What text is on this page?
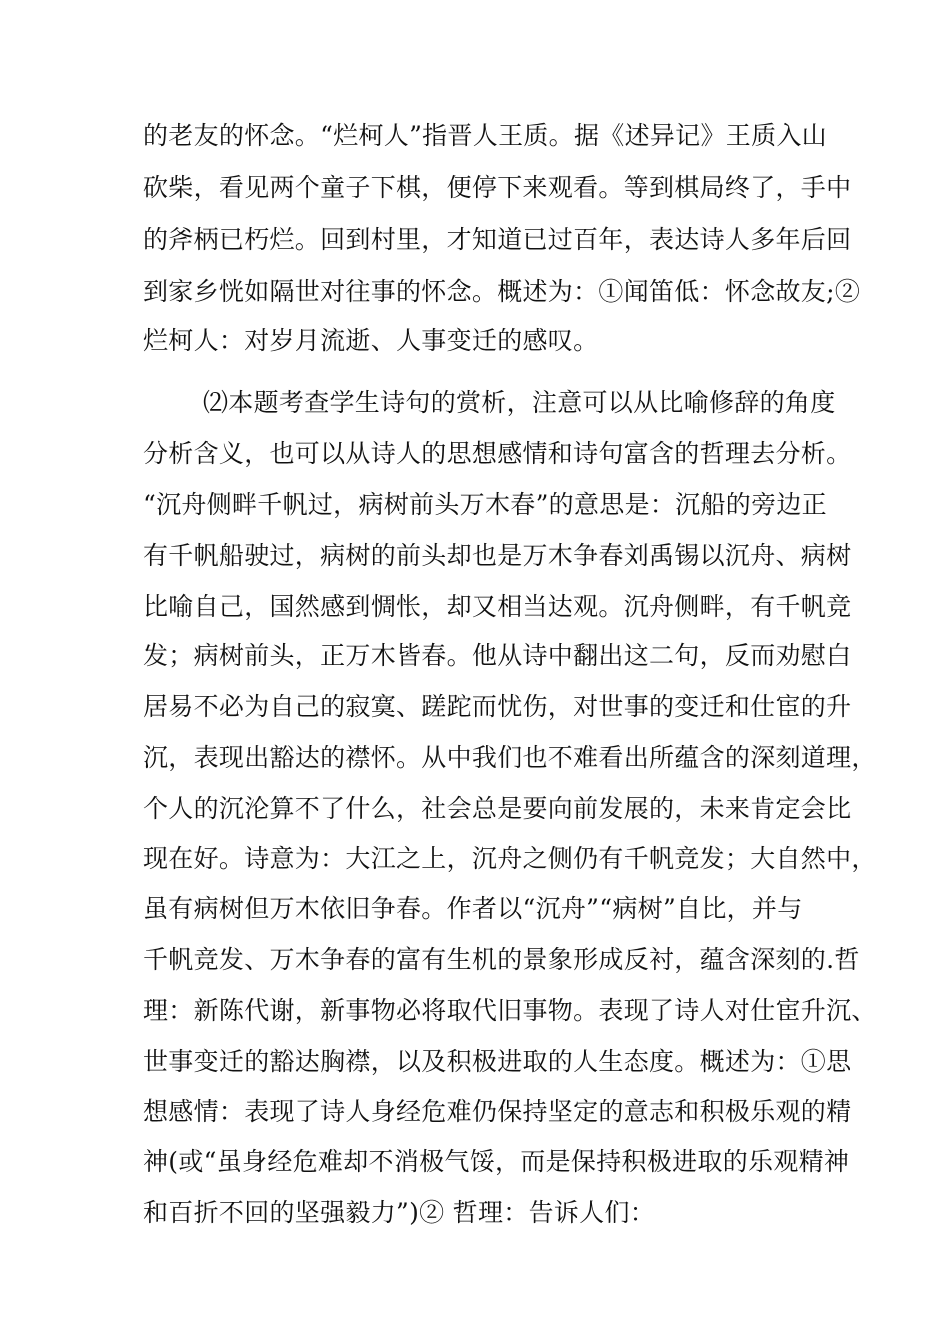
的老友的怀念。“烂柯人”指晋人王质。据《述异记》王质入山
砍柴，看见两个童子下棋，便停下来观看。等到棋局终了，手中
的斧柄已朽烂。回到村里，才知道已过百年，表达诗人多年后回
到家乡恍如隔世对往事的怀念。概述为：①闻笛低：怀念故友;②
烂柯人：对岁月流逝、人事变迁的感叹。
⑵本题考查学生诗句的赏析，注意可以从比喻修辞的角度
分析含义，也可以从诗人的思想感情和诗句富含的哲理去分析。
“沉舟侧畔千帆过，病树前头万木春”的意思是：沉船的旁边正
有千帆船驶过，病树的前头却也是万木争春刘禹锡以沉舟、病树
比喻自己，国然感到惆怅，却又相当达观。沉舟侧畔，有千帆竞
发；病树前头，正万木皆春。他从诗中翻出这二句，反而劝慰白
居易不必为自己的寂寞、蹉跎而忧伤，对世事的变迁和仕宦的升
沉，表现出豁达的襟怀。从中我们也不难看出所蕴含的深刻道理，
个人的沉沦算不了什么，社会总是要向前发展的，未来肯定会比
现在好。诗意为：大江之上，沉舟之侧仍有千帆竞发；大自然中，
虽有病树但万木依旧争春。作者以“沉舟”“病树”自比，并与
千帆竞发、万木争春的富有生机的景象形成反衬，蕴含深刻的.哲
理：新陈代谢，新事物必将取代旧事物。表现了诗人对仕宦升沉、
世事变迁的豁达胸襟，以及积极进取的人生态度。概述为：①思
想感情：表现了诗人身经危难仍保持坚定的意志和积极乐观的精
神(或“虽身经危难却不消极气馁，而是保持积极进取的乐观精神
和百折不回的坚强毅力”)② 哲理：告诉人们：
